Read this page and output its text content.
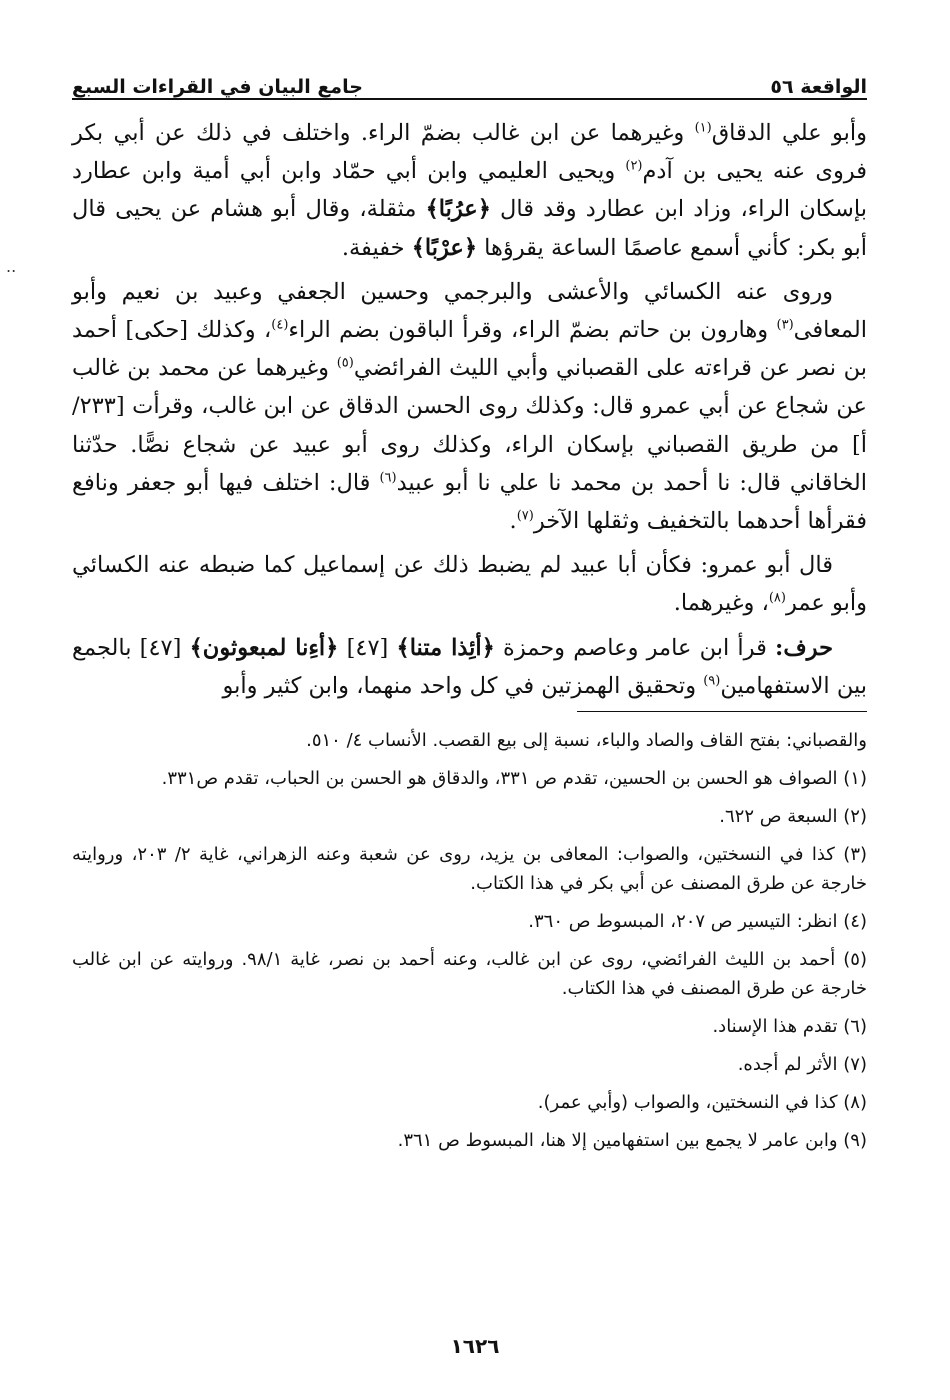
..
الواقعة ٥٦
جامع البيان في القراءات السبع

وأبو علي الدقاق$^{(١)}$ وغيرهما عن ابن غالب بضمّ الراء. واختلف في ذلك عن أبي بكر فروى عنه يحيى بن آدم$^{(٢)}$ ويحيى العليمي وابن أبي حمّاد وابن أبي أمية وابن عطارد بإسكان الراء، وزاد ابن عطارد وقد قال ﴿عرُبًا﴾ مثقلة، وقال أبو هشام عن يحيى قال أبو بكر: كأني أسمع عاصمًا الساعة يقرؤها ﴿عرْبًا﴾ خفيفة.

وروى عنه الكسائي والأعشى والبرجمي وحسين الجعفي وعبيد بن نعيم وأبو المعافى$^{(٣)}$ وهارون بن حاتم بضمّ الراء، وقرأ الباقون بضم الراء$^{(٤)}$، وكذلك [حكى] أحمد بن نصر عن قراءته على القصباني وأبي الليث الفرائضي$^{(٥)}$ وغيرهما عن محمد بن غالب عن شجاع عن أبي عمرو قال: وكذلك روى الحسن الدقاق عن ابن غالب، وقرأت [٢٣٣/أ] من طريق القصباني بإسكان الراء، وكذلك روى أبو عبيد عن شجاع نصًّا. حدّثنا الخاقاني قال: نا أحمد بن محمد نا علي نا أبو عبيد$^{(٦)}$ قال: اختلف فيها أبو جعفر ونافع فقرأها أحدهما بالتخفيف وثقلها الآخر$^{(٧)}$.

قال أبو عمرو: فكأن أبا عبيد لم يضبط ذلك عن إسماعيل كما ضبطه عنه الكسائي وأبو عمر$^{(٨)}$، وغيرهما.

حرف: قرأ ابن عامر وعاصم وحمزة ﴿أئِذا متنا﴾ [٤٧] ﴿أءِنا لمبعوثون﴾ [٤٧] بالجمع بين الاستفهامين$^{(٩)}$ وتحقيق الهمزتين في كل واحد منهما، وابن كثير وأبو

والقصباني: بفتح القاف والصاد والباء، نسبة إلى بيع القصب. الأنساب ٤/ ٥١٠.
(١) الصواف هو الحسن بن الحسين، تقدم ص ٣٣١، والدقاق هو الحسن بن الحباب، تقدم ص٣٣١.
(٢) السبعة ص ٦٢٢.
(٣) كذا في النسختين، والصواب: المعافى بن يزيد، روى عن شعبة وعنه الزهراني، غاية ٢/ ٢٠٣، وروايته خارجة عن طرق المصنف عن أبي بكر في هذا الكتاب.
(٤) انظر: التيسير ص ٢٠٧، المبسوط ص ٣٦٠.
(٥) أحمد بن الليث الفرائضي، روى عن ابن غالب، وعنه أحمد بن نصر، غاية ٩٨/١. وروايته عن ابن غالب خارجة عن طرق المصنف في هذا الكتاب.
(٦) تقدم هذا الإسناد.
(٧) الأثر لم أجده.
(٨) كذا في النسختين، والصواب (وأبي عمر).
(٩) وابن عامر لا يجمع بين استفهامين إلا هنا، المبسوط ص ٣٦١.
١٦٢٦
